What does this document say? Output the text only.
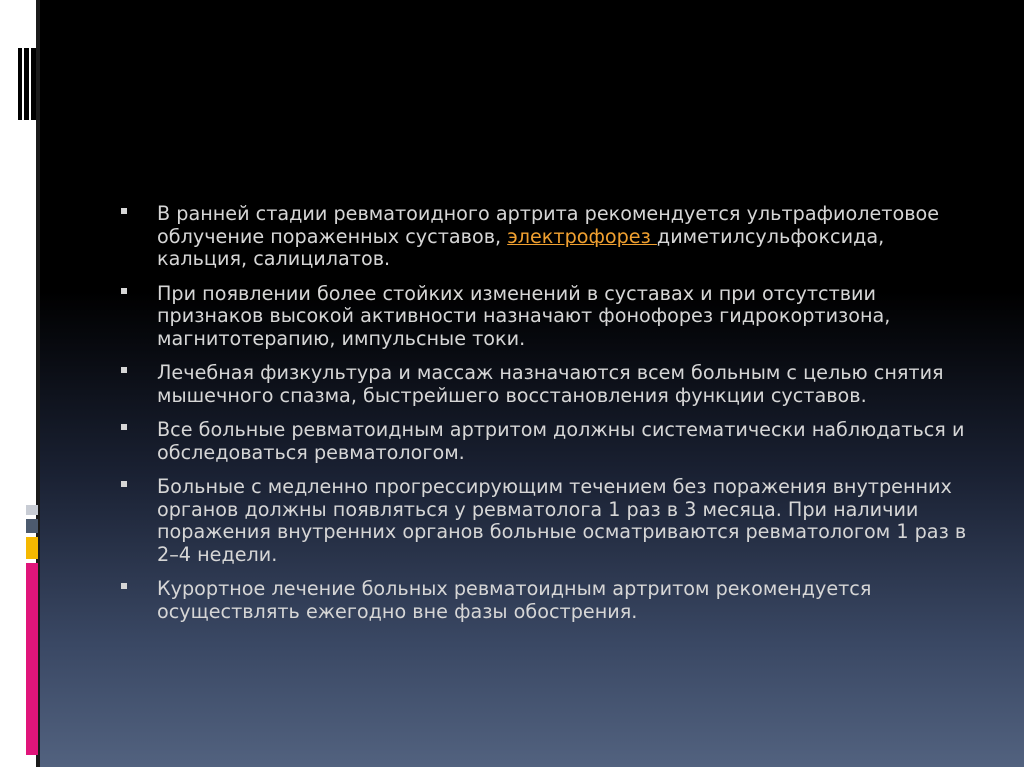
В ранней стадии ревматоидного артрита рекомендуется ультрафиолетовое облучение пораженных суставов, электрофорез диметилсульфоксида, кальция, салицилатов.
При появлении более стойких изменений в суставах и при отсутствии признаков высокой активности назначают фонофорез гидрокортизона, магнитотерапию, импульсные токи.
Лечебная физкультура и массаж назначаются всем больным с целью снятия мышечного спазма, быстрейшего восстановления функции суставов.
Все больные ревматоидным артритом должны систематически наблюдаться и обследоваться ревматологом.
Больные с медленно прогрессирующим течением без поражения внутренних органов должны появляться у ревматолога 1 раз в 3 месяца. При наличии поражения внутренних органов больные осматриваются ревматологом 1 раз в 2–4 недели.
Курортное лечение больных ревматоидным артритом рекомендуется осуществлять ежегодно вне фазы обострения.
